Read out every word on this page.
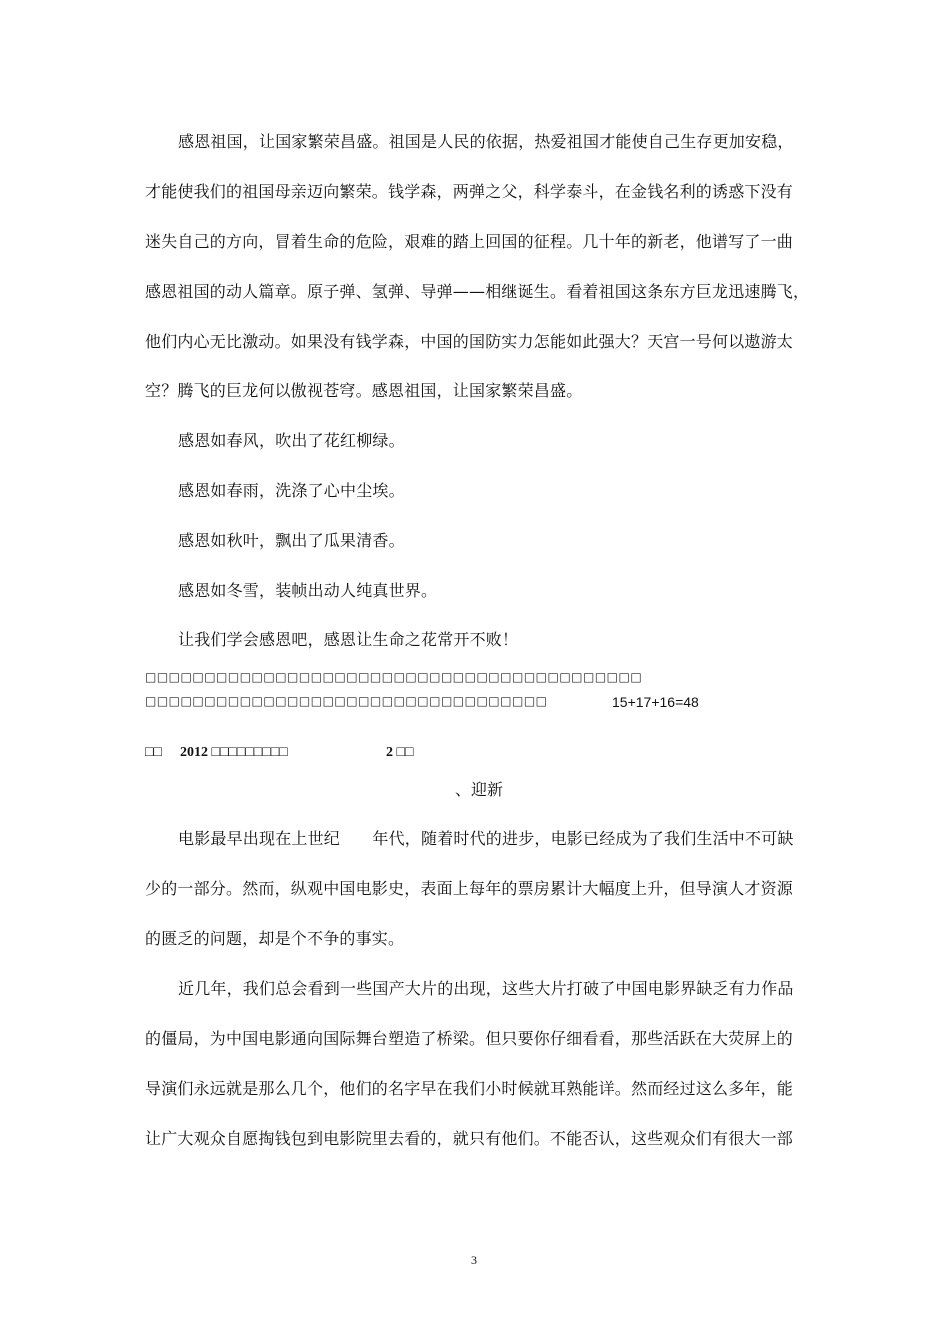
感恩祖国，让国家繁荣昌盛。祖国是人民的依据，热爱祖国才能使自己生存更加安稳，
才能使我们的祖国母亲迈向繁荣。钱学森，两弹之父，科学泰斗，在金钱名利的诱惑下没有
迷失自己的方向，冒着生命的危险，艰难的踏上回国的征程。几十年的新老，他谱写了一曲
感恩祖国的动人篇章。原子弹、氢弹、导弹——相继诞生。看着祖国这条东方巨龙迅速腾飞，
他们内心无比激动。如果没有钱学森，中国的国防实力怎能如此强大？天宫一号何以遨游太
空？腾飞的巨龙何以傲视苍穹。感恩祖国，让国家繁荣昌盛。
感恩如春风，吹出了花红柳绿。
感恩如春雨，洗涤了心中尘埃。
感恩如秋叶，飘出了瓜果清香。
感恩如冬雪，装帧出动人纯真世界。
让我们学会感恩吧，感恩让生命之花常开不败！
□□□□□□□□□□□□□□□□□□□□□□□□□□□□□□□□□□□□□□□□□□
□□□□□□□□□□□□□□□□□□□□□□□□□□□□□□□□□□	15+17+16=48
□□ 2012 □□□□□□□□□	2 □□
、迎新
电影最早出现在上世纪　　年代，随着时代的进步，电影已经成为了我们生活中不可缺
少的一部分。然而，纵观中国电影史，表面上每年的票房累计大幅度上升，但导演人才资源
的匮乏的问题，却是个不争的事实。
近几年，我们总会看到一些国产大片的出现，这些大片打破了中国电影界缺乏有力作品
的僵局，为中国电影通向国际舞台塑造了桥梁。但只要你仔细看看，那些活跃在大荧屏上的
导演们永远就是那么几个，他们的名字早在我们小时候就耳熟能详。然而经过这么多年，能
让广大观众自愿掏钱包到电影院里去看的，就只有他们。不能否认，这些观众们有很大一部
3
